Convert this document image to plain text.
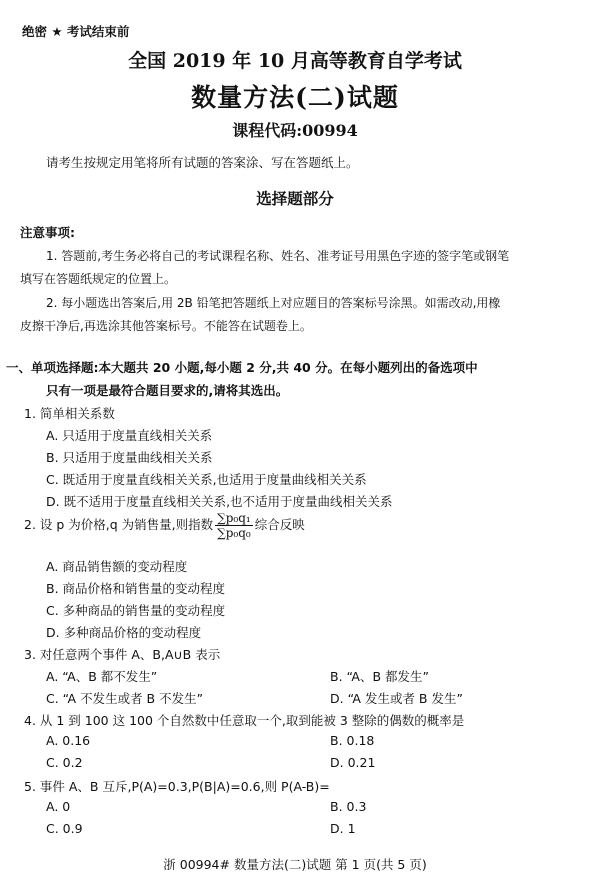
绝密 ★ 考试结束前
全国 2019 年 10 月高等教育自学考试
数量方法(二)试题
课程代码:00994
请考生按规定用笔将所有试题的答案涂、写在答题纸上。
选择题部分
注意事项:
1. 答题前,考生务必将自己的考试课程名称、姓名、准考证号用黑色字迹的签字笔或钢笔
填写在答题纸规定的位置上。
2. 每小题选出答案后,用 2B 铅笔把答题纸上对应题目的答案标号涂黑。如需改动,用橡
皮擦干净后,再选涂其他答案标号。不能答在试题卷上。
一、单项选择题:本大题共 20 小题,每小题 2 分,共 40 分。在每小题列出的备选项中
只有一项是最符合题目要求的,请将其选出。
1. 简单相关系数
A. 只适用于度量直线相关关系
B. 只适用于度量曲线相关关系
C. 既适用于度量直线相关关系,也适用于度量曲线相关关系
D. 既不适用于度量直线相关关系,也不适用于度量曲线相关关系
2. 设 p 为价格,q 为销售量,则指数 $\frac{\text{∑p₀q₁}}{\text{∑p₀q₀}}$ 综合反映
A. 商品销售额的变动程度
B. 商品价格和销售量的变动程度
C. 多种商品的销售量的变动程度
D. 多种商品价格的变动程度
3. 对任意两个事件 A、B,A∪B 表示
A. “A、B 都不发生”	B. “A、B 都发生”
C. “A 不发生或者 B 不发生”	D. “A 发生或者 B 发生”
4. 从 1 到 100 这 100 个自然数中任意取一个,取到能被 3 整除的偶数的概率是
A. 0.16	B. 0.18
C. 0.2	D. 0.21
5. 事件 A、B 互斥,P(A)=0.3,P(B|A)=0.6,则 P(A-B)=
A. 0	B. 0.3
C. 0.9	D. 1
浙 00994# 数量方法(二)试题 第 1 页(共 5 页)
